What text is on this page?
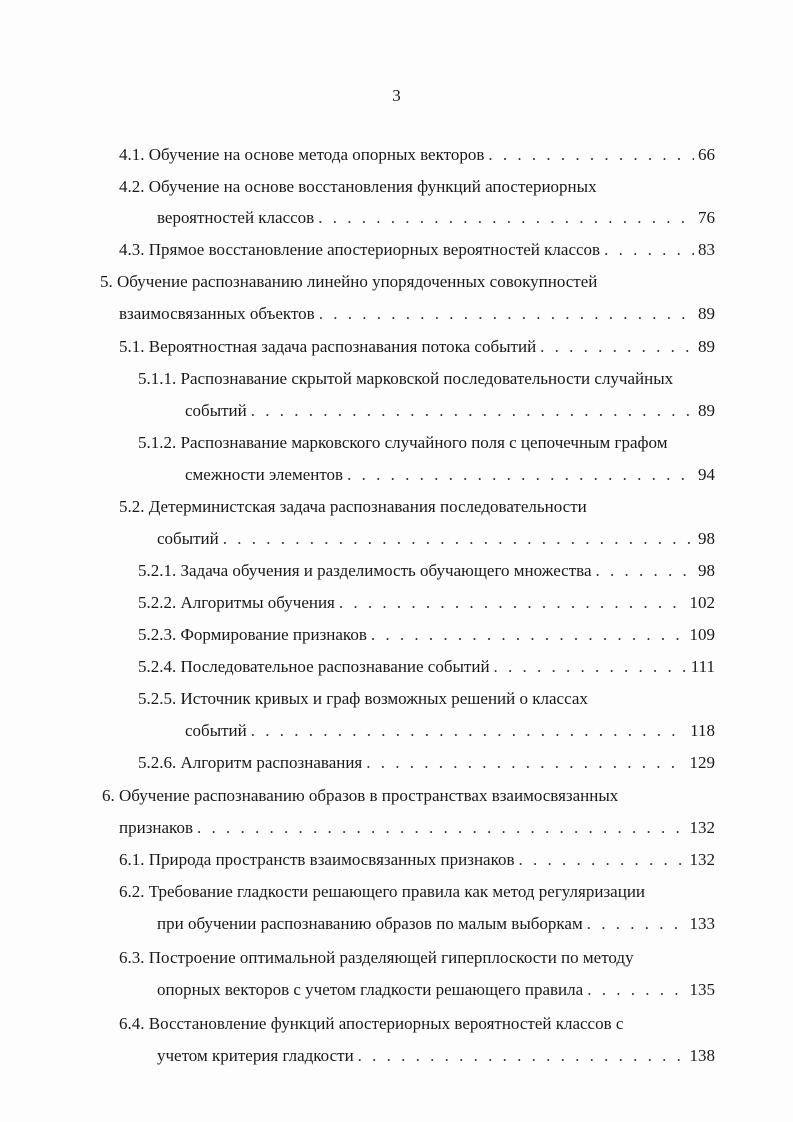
3
4.1. Обучение на основе метода опорных векторов . . .	66
4.2. Обучение на основе восстановления функций апостериорных
вероятностей классов . . .	76
4.3. Прямое восстановление апостериорных вероятностей классов . . .	83
5. Обучение распознаванию линейно упорядоченных совокупностей
взаимосвязанных объектов . . .	89
5.1. Вероятностная задача распознавания потока событий . . .	89
5.1.1. Распознавание скрытой марковской последовательности случайных
событий . . .	89
5.1.2. Распознавание марковского случайного поля с цепочечным графом
смежности элементов . . .	94
5.2. Детерминистская задача распознавания последовательности
событий . . .	98
5.2.1. Задача обучения и разделимость обучающего множества . . .	98
5.2.2. Алгоритмы обучения . . .	102
5.2.3. Формирование признаков . . .	109
5.2.4. Последовательное распознавание событий . . .	111
5.2.5. Источник кривых и граф возможных решений о классах
событий . . .	118
5.2.6. Алгоритм распознавания . . .	129
6. Обучение распознаванию образов в пространствах взаимосвязанных
признаков . . .	132
6.1. Природа пространств взаимосвязанных признаков . . .	132
6.2. Требование гладкости решающего правила как метод регуляризации
при обучении распознаванию образов по малым выборкам . . .	133
6.3. Построение оптимальной разделяющей гиперплоскости по методу
опорных векторов с учетом гладкости решающего правила . . .	135
6.4. Восстановление функций апостериорных вероятностей классов с
учетом критерия гладкости . . .	138
